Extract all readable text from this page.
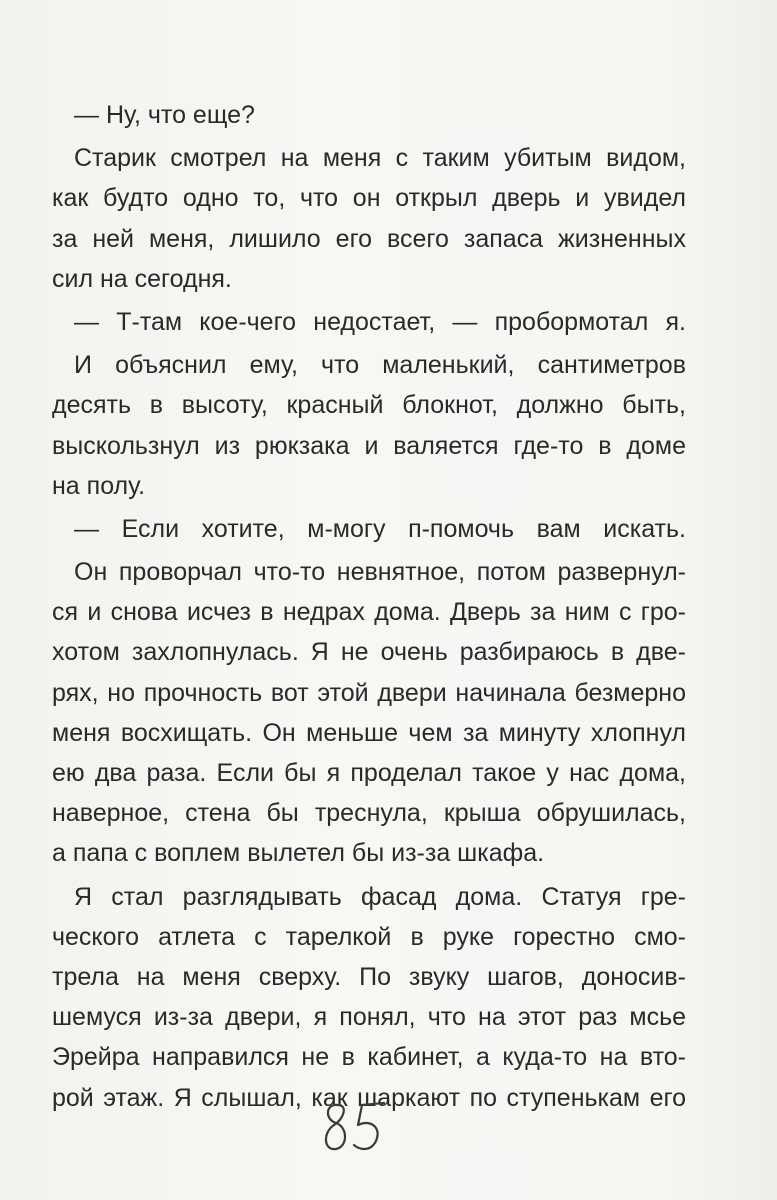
— Ну, что еще?
Старик смотрел на меня с таким убитым видом,
как будто одно то, что он открыл дверь и увидел
за ней меня, лишило его всего запаса жизненных
сил на сегодня.
— Т-там кое-чего недостает, — пробормотал я.
И объяснил ему, что маленький, сантиметров
десять в высоту, красный блокнот, должно быть,
выскользнул из рюкзака и валяется где-то в доме
на полу.
— Если хотите, м-могу п-помочь вам искать.
Он проворчал что-то невнятное, потом развернул-
ся и снова исчез в недрах дома. Дверь за ним с гро-
хотом захлопнулась. Я не очень разбираюсь в две-
рях, но прочность вот этой двери начинала безмерно
меня восхищать. Он меньше чем за минуту хлопнул
ею два раза. Если бы я проделал такое у нас дома,
наверное, стена бы треснула, крыша обрушилась,
а папа с воплем вылетел бы из-за шкафа.
Я стал разглядывать фасад дома. Статуя гре-
ческого атлета с тарелкой в руке горестно смо-
трела на меня сверху. По звуку шагов, доносив-
шемуся из-за двери, я понял, что на этот раз мсье
Эрейра направился не в кабинет, а куда-то на вто-
рой этаж. Я слышал, как шаркают по ступенькам его
